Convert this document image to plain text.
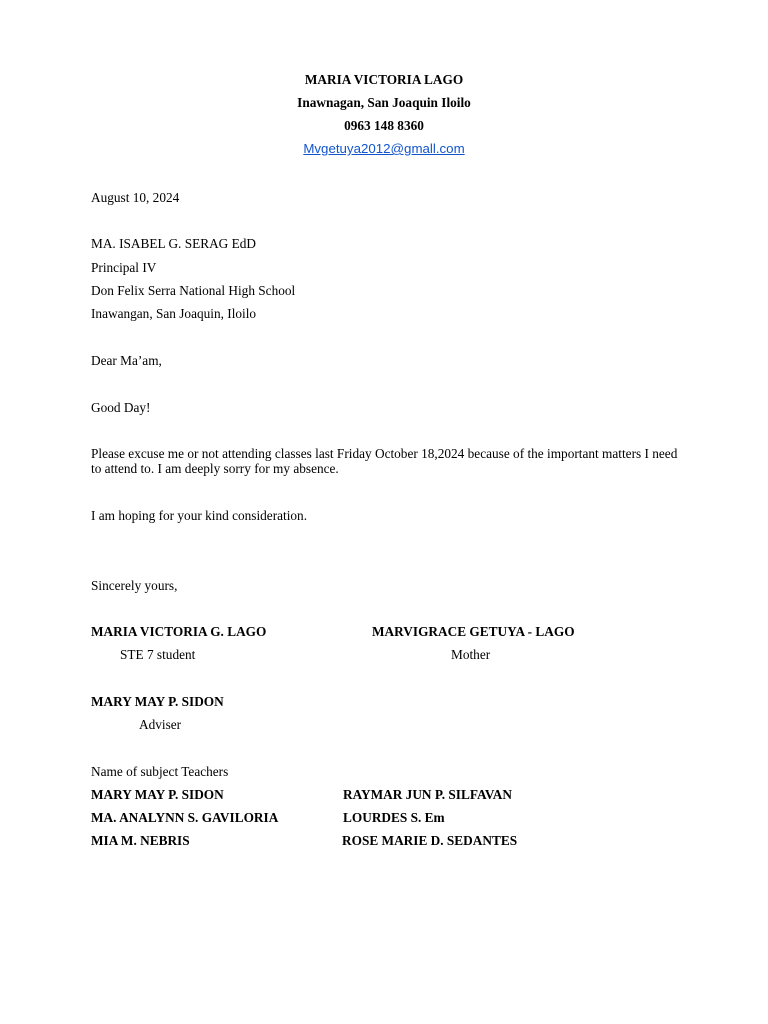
MARIA VICTORIA LAGO
Inawnagan, San Joaquin Iloilo
0963 148 8360
Mvgetuya2012@gmall.com
August 10, 2024
MA. ISABEL G. SERAG EdD
Principal IV
Don Felix Serra National High School
Inawangan, San Joaquin, Iloilo
Dear Ma’am,
Good Day!
Please excuse me or not attending classes last Friday October 18,2024 because of the important matters I need to attend to. I am deeply sorry for my absence.
I am hoping for your kind consideration.
Sincerely yours,
MARIA VICTORIA G. LAGO
STE 7 student
MARVIGRACE GETUYA - LAGO
Mother
MARY MAY P. SIDON
Adviser
Name of subject Teachers
MARY MAY P. SIDON
MA. ANALYNN S. GAVILORIA
MIA M. NEBRIS
RAYMAR JUN P. SILFAVAN
LOURDES S. Em
ROSE MARIE D. SEDANTES
